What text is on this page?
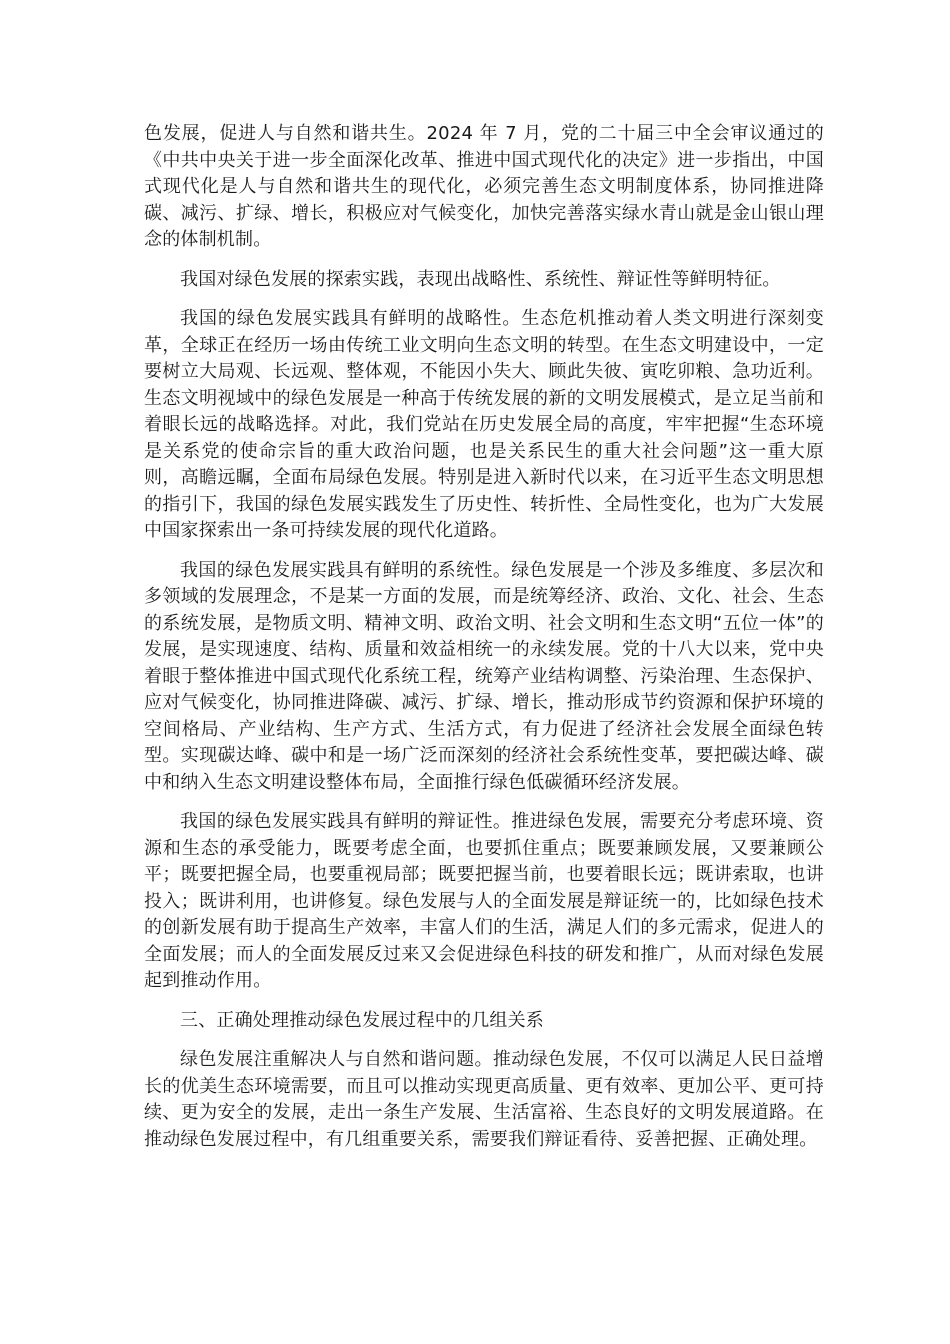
色发展，促进人与自然和谐共生。2024 年 7 月，党的二十届三中全会审议通过的《中共中央关于进一步全面深化改革、推进中国式现代化的决定》进一步指出，中国式现代化是人与自然和谐共生的现代化，必须完善生态文明制度体系，协同推进降碳、减污、扩绿、增长，积极应对气候变化，加快完善落实绿水青山就是金山银山理念的体制机制。

我国对绿色发展的探索实践，表现出战略性、系统性、辩证性等鲜明特征。

我国的绿色发展实践具有鲜明的战略性。生态危机推动着人类文明进行深刻变革，全球正在经历一场由传统工业文明向生态文明的转型。在生态文明建设中，一定要树立大局观、长远观、整体观，不能因小失大、顾此失彼、寅吃卯粮、急功近利。生态文明视域中的绿色发展是一种高于传统发展的新的文明发展模式，是立足当前和着眼长远的战略选择。对此，我们党站在历史发展全局的高度，牢牢把握“生态环境是关系党的使命宗旨的重大政治问题，也是关系民生的重大社会问题”这一重大原则，高瞻远瞩，全面布局绿色发展。特别是进入新时代以来，在习近平生态文明思想的指引下，我国的绿色发展实践发生了历史性、转折性、全局性变化，也为广大发展中国家探索出一条可持续发展的现代化道路。

我国的绿色发展实践具有鲜明的系统性。绿色发展是一个涉及多维度、多层次和多领域的发展理念，不是某一方面的发展，而是统筹经济、政治、文化、社会、生态的系统发展，是物质文明、精神文明、政治文明、社会文明和生态文明“五位一体”的发展，是实现速度、结构、质量和效益相统一的永续发展。党的十八大以来，党中央着眼于整体推进中国式现代化系统工程，统筹产业结构调整、污染治理、生态保护、应对气候变化，协同推进降碳、减污、扩绿、增长，推动形成节约资源和保护环境的空间格局、产业结构、生产方式、生活方式，有力促进了经济社会发展全面绿色转型。实现碳达峰、碳中和是一场广泛而深刻的经济社会系统性变革，要把碳达峰、碳中和纳入生态文明建设整体布局，全面推行绿色低碳循环经济发展。

我国的绿色发展实践具有鲜明的辩证性。推进绿色发展，需要充分考虑环境、资源和生态的承受能力，既要考虑全面，也要抓住重点；既要兼顾发展，又要兼顾公平；既要把握全局，也要重视局部；既要把握当前，也要着眼长远；既讲索取，也讲投入；既讲利用，也讲修复。绿色发展与人的全面发展是辩证统一的，比如绿色技术的创新发展有助于提高生产效率，丰富人们的生活，满足人们的多元需求，促进人的全面发展；而人的全面发展反过来又会促进绿色科技的研发和推广，从而对绿色发展起到推动作用。

三、正确处理推动绿色发展过程中的几组关系

绿色发展注重解决人与自然和谐问题。推动绿色发展，不仅可以满足人民日益增长的优美生态环境需要，而且可以推动实现更高质量、更有效率、更加公平、更可持续、更为安全的发展，走出一条生产发展、生活富裕、生态良好的文明发展道路。在推动绿色发展过程中，有几组重要关系，需要我们辩证看待、妥善把握、正确处理。
